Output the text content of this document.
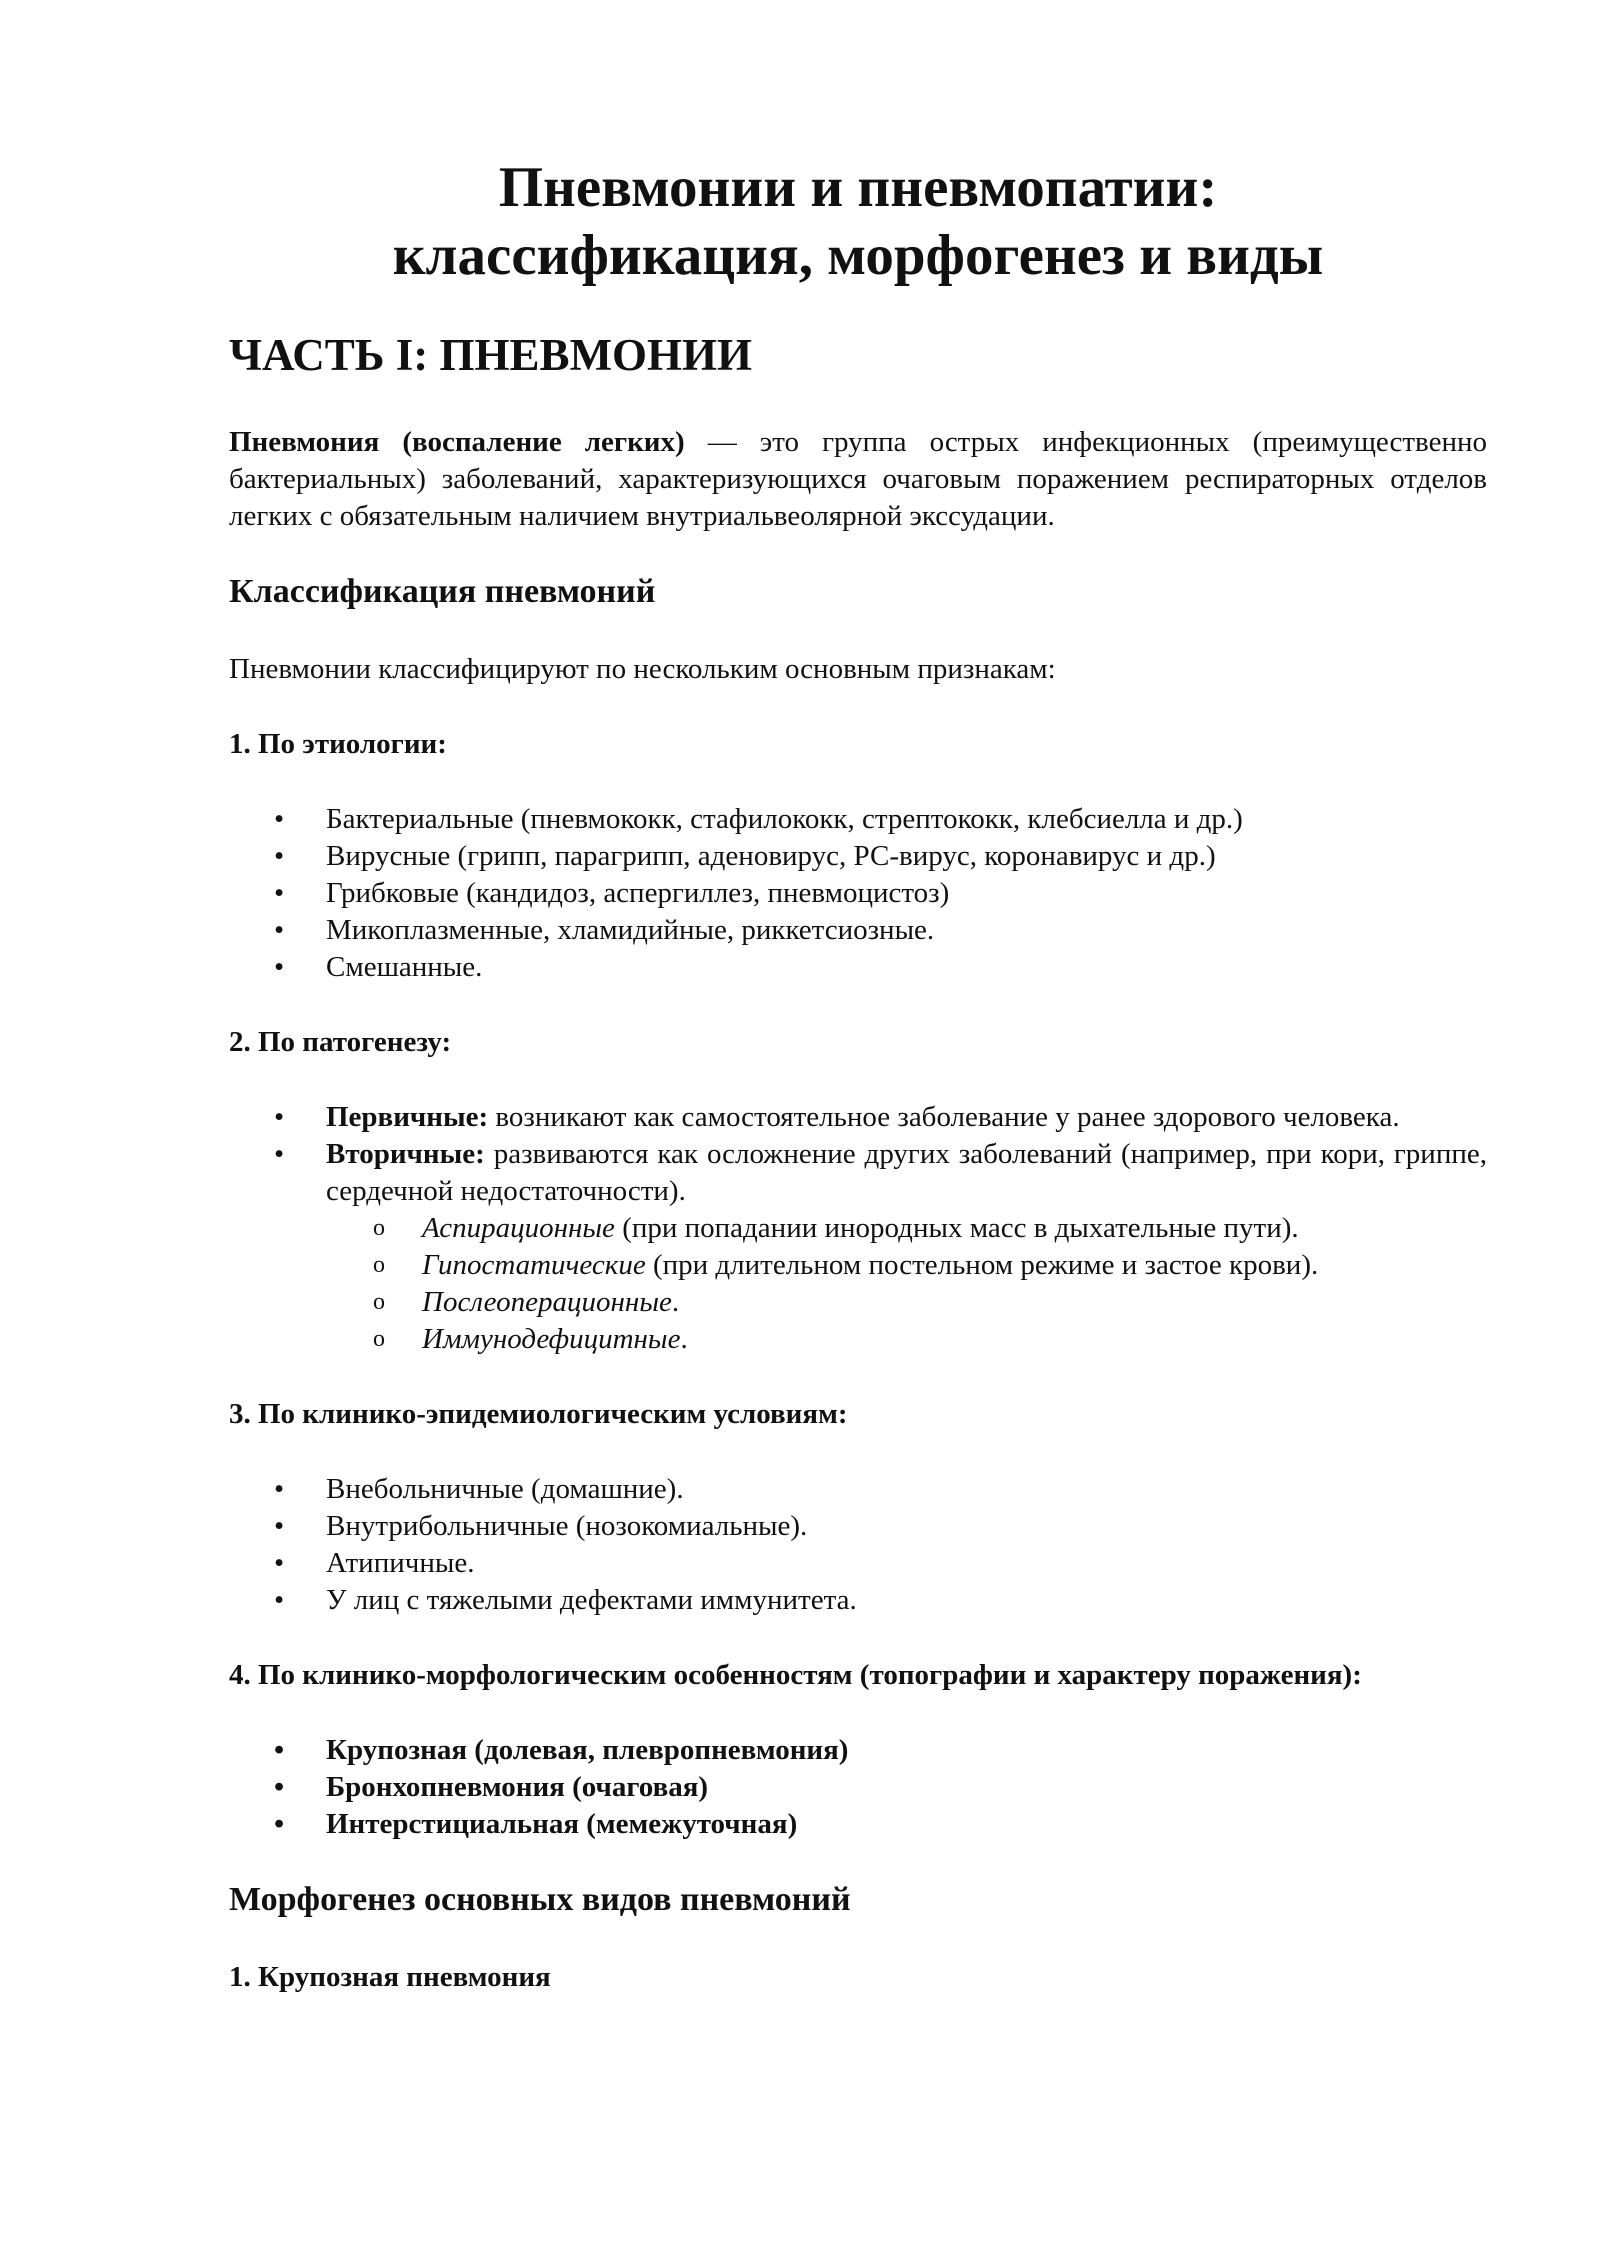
Пневмонии и пневмопатии:
классификация, морфогенез и виды
ЧАСТЬ I: ПНЕВМОНИИ

Пневмония (воспаление легких) — это группа острых инфекционных (преимущественно бактериальных) заболеваний, характеризующихся очаговым поражением респираторных отделов легких с обязательным наличием внутриальвеолярной экссудации.

Классификация пневмоний

Пневмонии классифицируют по нескольким основным признакам:

1. По этиологии:
• Бактериальные (пневмококк, стафилококк, стрептококк, клебсиелла и др.)
• Вирусные (грипп, парагрипп, аденовирус, РС-вирус, коронавирус и др.)
• Грибковые (кандидоз, аспергиллез, пневмоцистоз)
• Микоплазменные, хламидийные, риккетсиозные.
• Смешанные.
2. По патогенезу:
• Первичные: возникают как самостоятельное заболевание у ранее здорового человека.
• Вторичные: развиваются как осложнение других заболеваний (например, при кори, гриппе, сердечной недостаточности).
o Аспирационные (при попадании инородных масс в дыхательные пути).
o Гипостатические (при длительном постельном режиме и застое крови).
o Послеоперационные.
o Иммунодефицитные.
3. По клинико-эпидемиологическим условиям:
• Внебольничные (домашние).
• Внутрибольничные (нозокомиальные).
• Атипичные.
• У лиц с тяжелыми дефектами иммунитета.
4. По клинико-морфологическим особенностям (топографии и характеру поражения):
• Крупозная (долевая, плевропневмония)
• Бронхопневмония (очаговая)
• Интерстициальная (мемежуточная)
Морфогенез основных видов пневмоний
1. Крупозная пневмония
